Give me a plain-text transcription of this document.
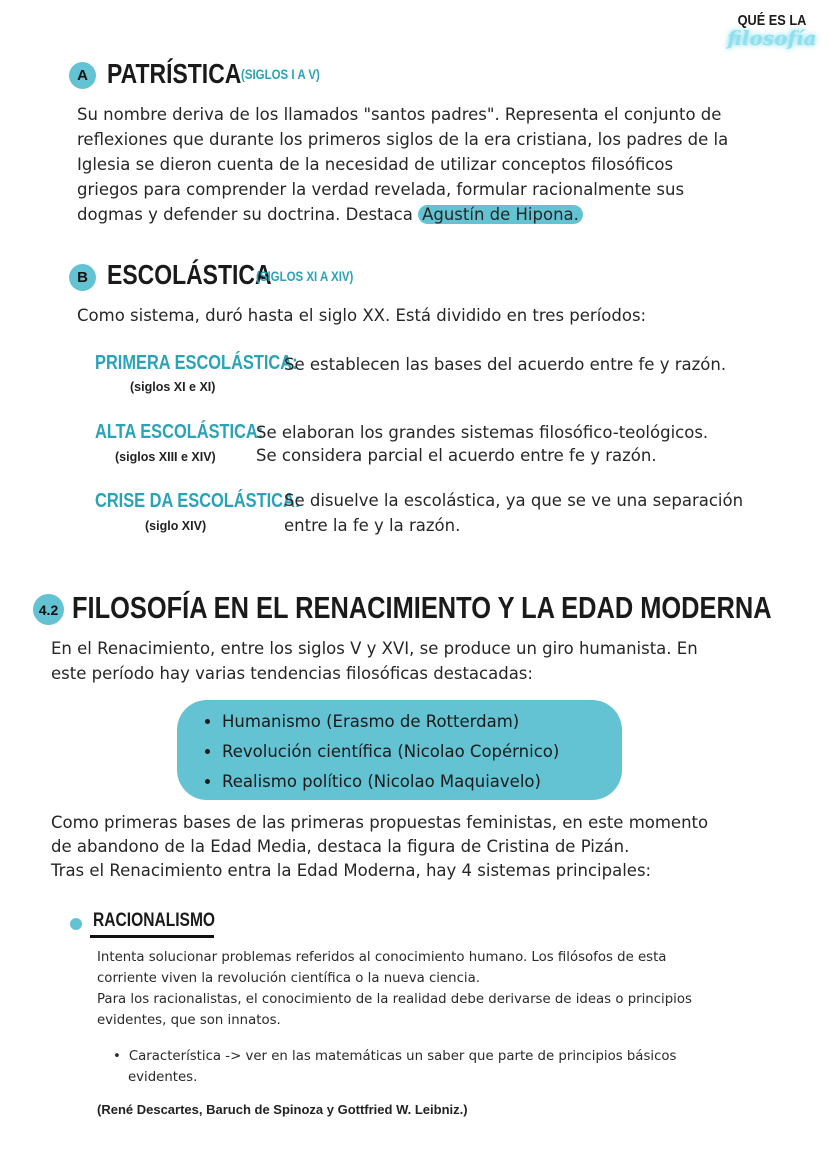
QUÉ ES LA
filosofía
A PATRÍSTICA (SIGLOS I A V)
Su nombre deriva de los llamados "santos padres". Representa el conjunto de
reflexiones que durante los primeros siglos de la era cristiana, los padres de la
Iglesia se dieron cuenta de la necesidad de utilizar conceptos filosóficos
griegos para comprender la verdad revelada, formular racionalmente sus
dogmas y defender su doctrina. Destaca Agustín de Hipona.
B ESCOLÁSTICA
(SIGLOS XI A XIV)
Como sistema, duró hasta el siglo XX. Está dividido en tres períodos:
PRIMERA ESCOLÁSTICA:
(siglos XI e XI)
Se establecen las bases del acuerdo entre fe y razón.
ALTA ESCOLÁSTICA:
(siglos XIII e XIV)
Se elaboran los grandes sistemas filosófico-teológicos.
Se considera parcial el acuerdo entre fe y razón.
CRISE DA ESCOLÁSTICA:
(siglo XIV)
Se disuelve la escolástica, ya que se ve una separación
entre la fe y la razón.
4.2 FILOSOFÍA EN EL RENACIMIENTO Y LA EDAD MODERNA
En el Renacimiento, entre los siglos V y XVI, se produce un giro humanista. En
este período hay varias tendencias filosóficas destacadas:
• Humanismo (Erasmo de Rotterdam)
• Revolución científica (Nicolao Copérnico)
• Realismo político (Nicolao Maquiavelo)
Como primeras bases de las primeras propuestas feministas, en este momento
de abandono de la Edad Media, destaca la figura de Cristina de Pizán.
Tras el Renacimiento entra la Edad Moderna, hay 4 sistemas principales:
RACIONALISMO
Intenta solucionar problemas referidos al conocimiento humano. Los filósofos de esta
corriente viven la revolución científica o la nueva ciencia.
Para los racionalistas, el conocimiento de la realidad debe derivarse de ideas o principios
evidentes, que son innatos.
• Característica -> ver en las matemáticas un saber que parte de principios básicos
evidentes.
(René Descartes, Baruch de Spinoza y Gottfried W. Leibniz.)
